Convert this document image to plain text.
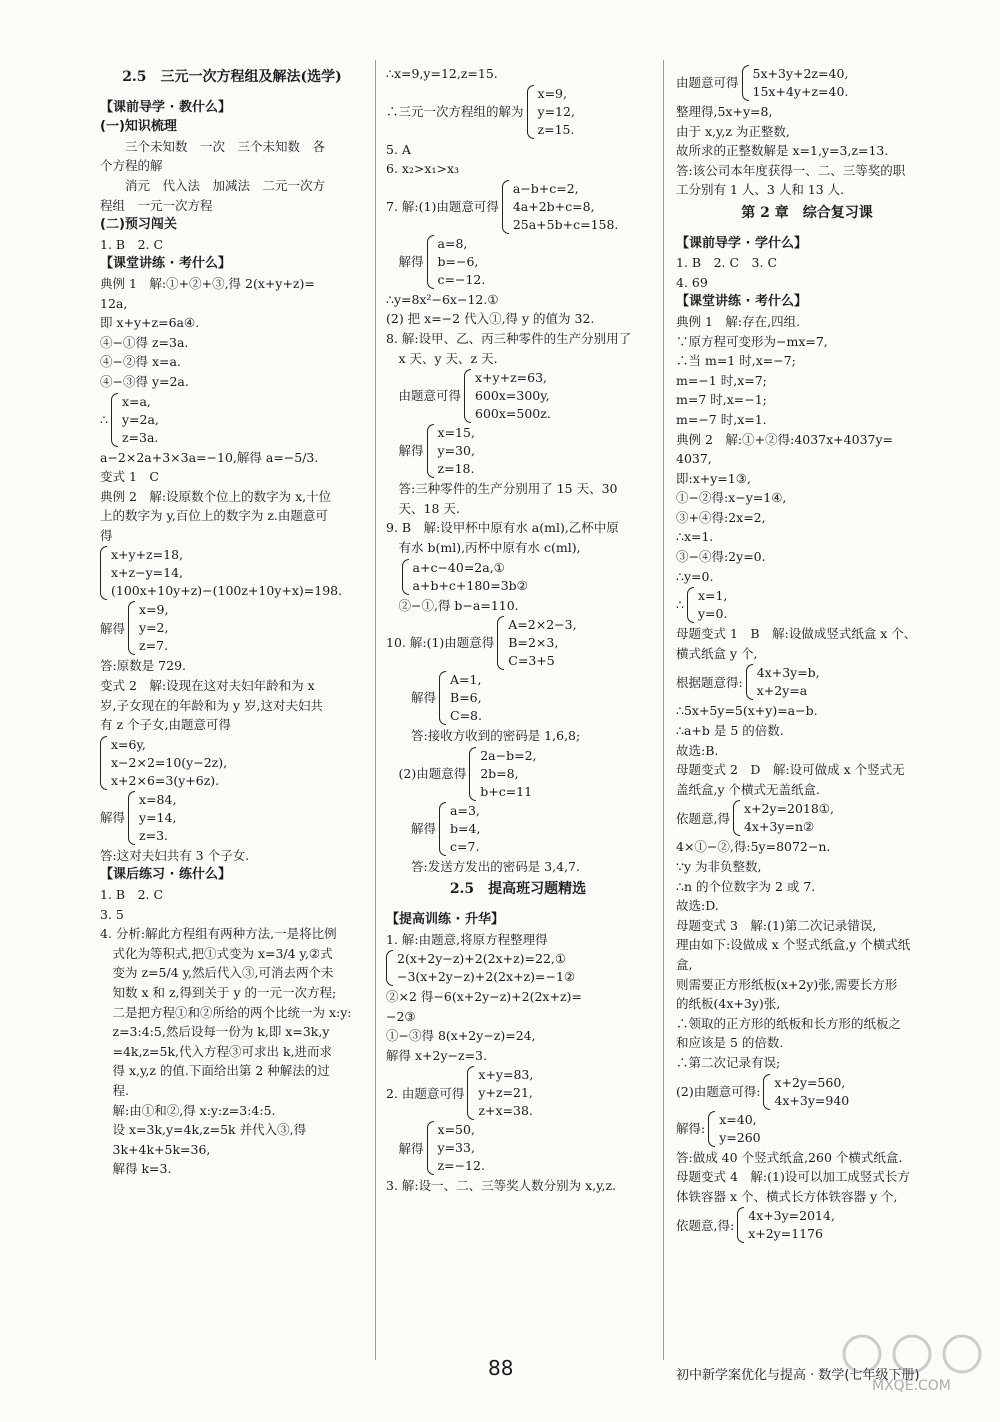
2.5　三元一次方程组及解法(选学)
【课前导学 · 教什么】
(一)知识梳理
　　三个未知数　一次　三个未知数　各
个方程的解
　　消元　代入法　加减法　二元一次方
程组　一元一次方程
(二)预习闯关
1. B　2. C
【课堂讲练 · 考什么】
典例 1　解:①+②+③,得 2(x+y+z)=
12a,
即 x+y+z=6a④.
④−①得 z=3a.
④−②得 x=a.
④−③得 y=2a.
∴
x=a,
y=2a,
z=3a.
a−2×2a+3×3a=−10,解得 a=−5/3.
变式 1　C
典例 2　解:设原数个位上的数字为 x,十位
上的数字为 y,百位上的数字为 z.由题意可
得
x+y+z=18,
x+z−y=14,
(100x+10y+z)−(100z+10y+x)=198.
解得
x=9,
y=2,
z=7.
答:原数是 729.
变式 2　解:设现在这对夫妇年龄和为 x
岁,子女现在的年龄和为 y 岁,这对夫妇共
有 z 个子女,由题意可得
x=6y,
x−2×2=10(y−2z),
x+2×6=3(y+6z).
解得
x=84,
y=14,
z=3.
答:这对夫妇共有 3 个子女.
【课后练习 · 练什么】
1. B　2. C
3. 5
4. 分析:解此方程组有两种方法,一是将比例
　式化为等积式,把①式变为 x=3/4 y,②式
　变为 z=5/4 y,然后代入③,可消去两个未
　知数 x 和 z,得到关于 y 的一元一次方程;
　二是把方程①和②所给的两个比统一为 x:y:
　z=3:4:5,然后设每一份为 k,即 x=3k,y
　=4k,z=5k,代入方程③可求出 k,进而求
　得 x,y,z 的值.下面给出第 2 种解法的过
　程.
　解:由①和②,得 x:y:z=3:4:5.
　设 x=3k,y=4k,z=5k 并代入③,得
　3k+4k+5k=36,
　解得 k=3.
∴x=9,y=12,z=15.
∴三元一次方程组的解为
x=9,
y=12,
z=15.
5. A
6. x₂>x₁>x₃
7. 解:(1)由题意可得
a−b+c=2,
4a+2b+c=8,
25a+5b+c=158.
　解得
a=8,
b=−6,
c=−12.
∴y=8x²−6x−12.①
(2) 把 x=−2 代入①,得 y 的值为 32.
8. 解:设甲、乙、丙三种零件的生产分别用了
　x 天、y 天、z 天.
　由题意可得
x+y+z=63,
600x=300y,
600x=500z.
　解得
x=15,
y=30,
z=18.
　答:三种零件的生产分别用了 15 天、30
　天、18 天.
9. B　解:设甲杯中原有水 a(ml),乙杯中原
　有水 b(ml),丙杯中原有水 c(ml),

a+c−40=2a,①
a+b+c+180=3b②
　②−①,得 b−a=110.
10. 解:(1)由题意得
A=2×2−3,
B=2×3,
C=3+5
　　解得
A=1,
B=6,
C=8.
　　答:接收方收到的密码是 1,6,8;
　(2)由题意得
2a−b=2,
2b=8,
b+c=11
　　解得
a=3,
b=4,
c=7.
　　答:发送方发出的密码是 3,4,7.
2.5　提高班习题精选
【提高训练 · 升华】
1. 解:由题意,将原方程整理得
2(x+2y−z)+2(2x+z)=22,①
−3(x+2y−z)+2(2x+z)=−1②
②×2 得−6(x+2y−z)+2(2x+z)=
−2③
①−③得 8(x+2y−z)=24,
解得 x+2y−z=3.
2. 由题意可得
x+y=83,
y+z=21,
z+x=38.
　解得
x=50,
y=33,
z=−12.
3. 解:设一、二、三等奖人数分别为 x,y,z.
由题意可得
5x+3y+2z=40,
15x+4y+z=40.
整理得,5x+y=8,
由于 x,y,z 为正整数,
故所求的正整数解是 x=1,y=3,z=13.
答:该公司本年度获得一、二、三等奖的职
工分别有 1 人、3 人和 13 人.
第 2 章　综合复习课
【课前导学 · 学什么】
1. B　2. C　3. C
4. 69
【课堂讲练 · 考什么】
典例 1　解:存在,四组.
∵原方程可变形为−mx=7,
∴当 m=1 时,x=−7;
m=−1 时,x=7;
m=7 时,x=−1;
m=−7 时,x=1.
典例 2　解:①+②得:4037x+4037y=
4037,
即:x+y=1③,
①−②得:x−y=1④,
③+④得:2x=2,
∴x=1.
③−④得:2y=0.
∴y=0.
∴
x=1,
y=0.
母题变式 1　B　解:设做成竖式纸盒 x 个、
横式纸盒 y 个,
根据题意得:
4x+3y=b,
x+2y=a
∴5x+5y=5(x+y)=a−b.
∴a+b 是 5 的倍数.
故选:B.
母题变式 2　D　解:设可做成 x 个竖式无
盖纸盒,y 个横式无盖纸盒.
依题意,得
x+2y=2018①,
4x+3y=n②
4×①−②,得:5y=8072−n.
∵y 为非负整数,
∴n 的个位数字为 2 或 7.
故选:D.
母题变式 3　解:(1)第二次记录错误,
理由如下:设做成 x 个竖式纸盒,y 个横式纸
盒,
则需要正方形纸板(x+2y)张,需要长方形
的纸板(4x+3y)张,
∴领取的正方形的纸板和长方形的纸板之
和应该是 5 的倍数.
∴第二次记录有误;
(2)由题意可得:
x+2y=560,
4x+3y=940
解得:
x=40,
y=260
答:做成 40 个竖式纸盒,260 个横式纸盒.
母题变式 4　解:(1)设可以加工成竖式长方
体铁容器 x 个、横式长方体铁容器 y 个,
依题意,得:
4x+3y=2014,
x+2y=1176
88	初中新学案优化与提高 · 数学(七年级下册)
MXQE.COM
